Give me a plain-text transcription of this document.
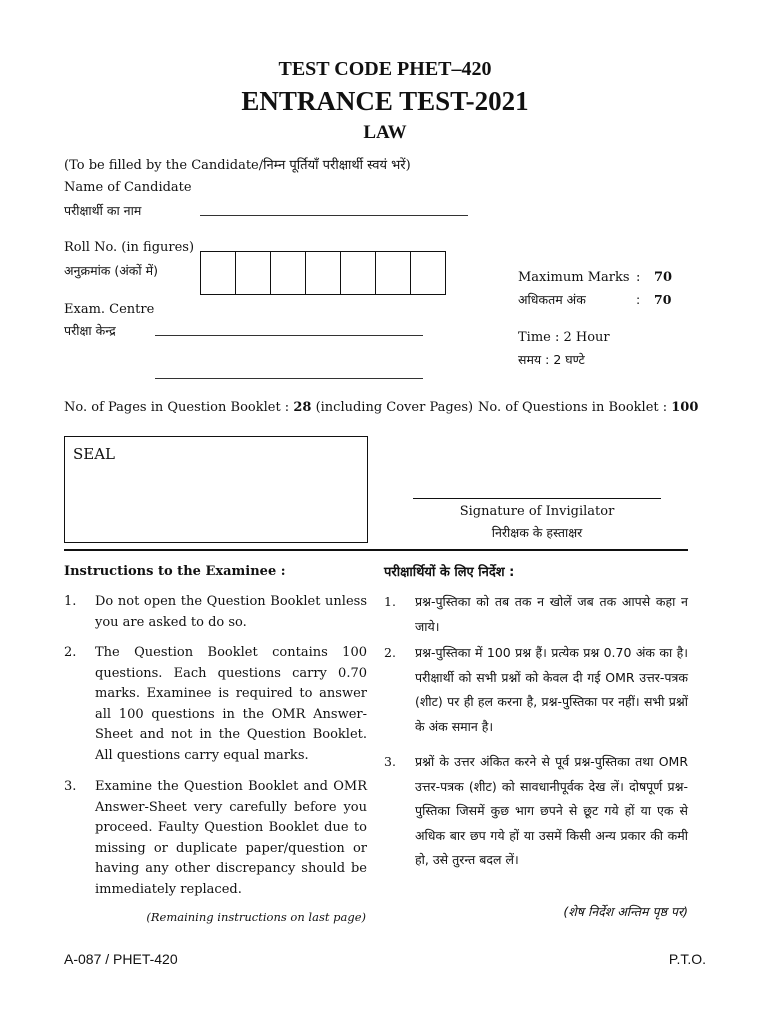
TEST CODE PHET–420
ENTRANCE TEST-2021
LAW
(To be filled by the Candidate/निम्न पूर्तियाँ परीक्षार्थी स्वयं भरें)
Name of Candidate
परीक्षार्थी का नाम
Roll No. (in figures)
अनुक्रमांक (अंकों में)
Exam. Centre
परीक्षा केन्द्र
Maximum Marks : 70
अधिकतम अंक	: 70
Time : 2 Hour
समय : 2 घण्टे
No. of Pages in Question Booklet : 28 (including Cover Pages) No. of Questions in Booklet : 100
SEAL
Signature of Invigilator
निरीक्षक के हस्ताक्षर
Instructions to the Examinee :
1. Do not open the Question Booklet unless you are asked to do so.
2. The Question Booklet contains 100 questions. Each questions carry 0.70 marks. Examinee is required to answer all 100 questions in the OMR Answer-Sheet and not in the Question Booklet. All questions carry equal marks.
3. Examine the Question Booklet and OMR Answer-Sheet very carefully before you proceed. Faulty Question Booklet due to missing or duplicate paper/question or having any other discrepancy should be immediately replaced.
(Remaining instructions on last page)
परीक्षार्थियों के लिए निर्देश :
1. प्रश्न-पुस्तिका को तब तक न खोलें जब तक आपसे कहा न जाये।
2. प्रश्न-पुस्तिका में 100 प्रश्न हैं। प्रत्येक प्रश्न 0.70 अंक का है। परीक्षार्थी को सभी प्रश्नों को केवल दी गई OMR उत्तर-पत्रक (शीट) पर ही हल करना है, प्रश्न-पुस्तिका पर नहीं। सभी प्रश्नों के अंक समान है।
3. प्रश्नों के उत्तर अंकित करने से पूर्व प्रश्न-पुस्तिका तथा OMR उत्तर-पत्रक (शीट) को सावधानीपूर्वक देख लें। दोषपूर्ण प्रश्न-पुस्तिका जिसमें कुछ भाग छपने से छूट गये हों या एक से अधिक बार छप गये हों या उसमें किसी अन्य प्रकार की कमी हो, उसे तुरन्त बदल लें।
(शेष निर्देश अन्तिम पृष्ठ पर)
A-087 / PHET-420	P.T.O.
